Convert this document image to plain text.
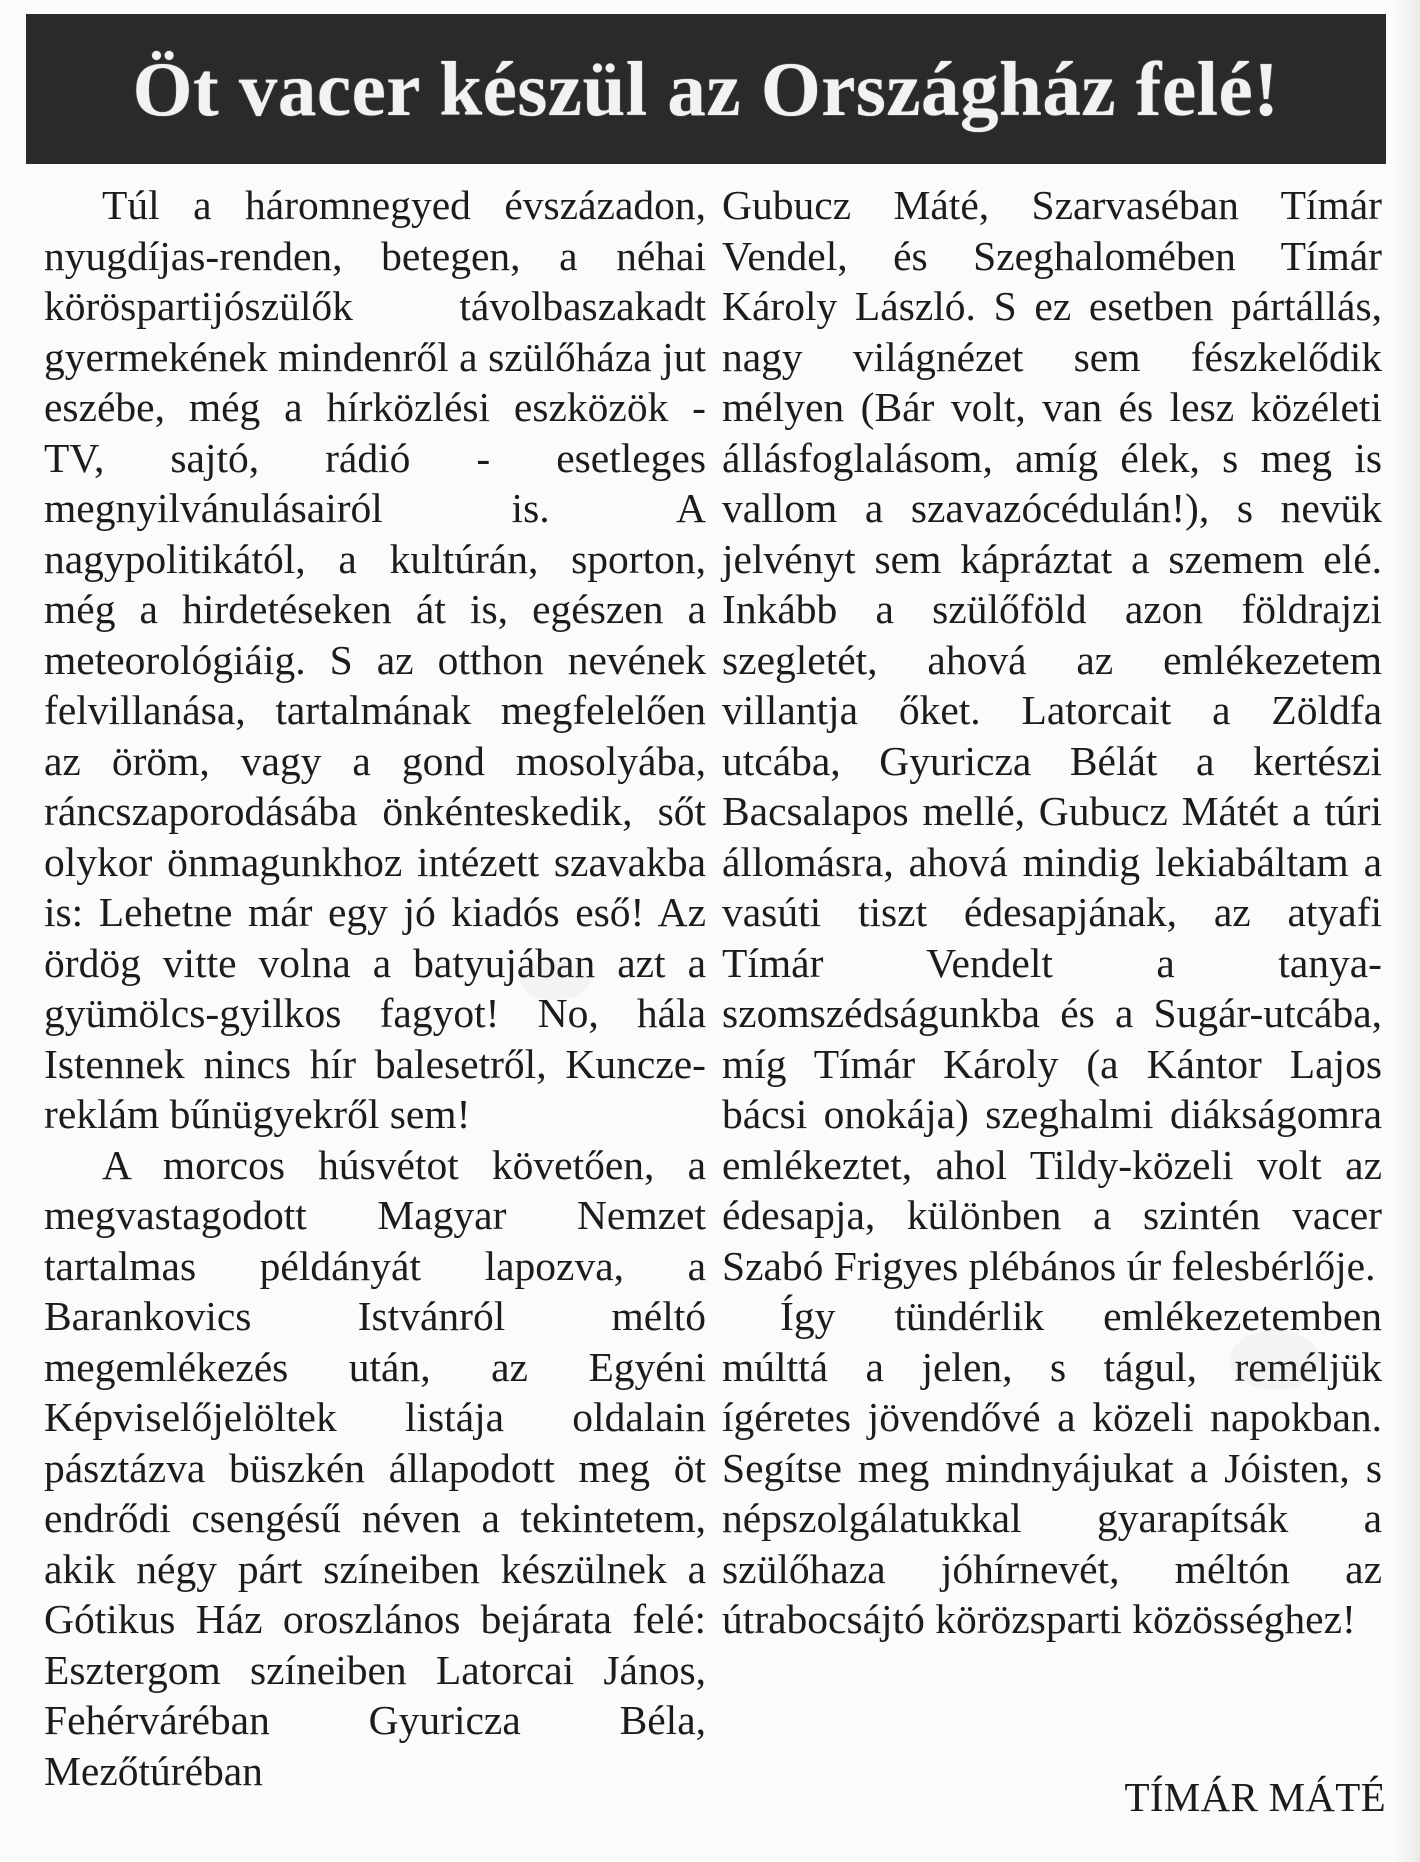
Öt vacer készül az Országház felé!

Túl a háromnegyed évszázadon, nyugdíjas-renden, betegen, a néhai köröspartijószülők távolbaszakadt gyermekének mindenről a szülőháza jut eszébe, még a hírközlési eszközök - TV, sajtó, rádió - esetleges megnyilvánulásairól is. A nagypolitikától, a kultúrán, sporton, még a hirdetéseken át is, egészen a meteorológiáig. S az otthon nevének felvillanása, tartalmának megfelelően az öröm, vagy a gond mosolyába, ráncszaporodásába önkénteskedik, sőt olykor önmagunkhoz intézett szavakba is: Lehetne már egy jó kiadós eső! Az ördög vitte volna a batyujában azt a gyümölcs-gyilkos fagyot! No, hála Istennek nincs hír balesetről, Kuncze-reklám bűnügyekről sem!

A morcos húsvétot követően, a megvastagodott Magyar Nemzet tartalmas példányát lapozva, a Barankovics Istvánról méltó megemlékezés után, az Egyéni Képviselőjelöltek listája oldalain pásztázva büszkén állapodott meg öt endrődi csengésű néven a tekintetem, akik négy párt színeiben készülnek a Gótikus Ház oroszlános bejárata felé: Esztergom színeiben Latorcai János, Fehérváréban Gyuricza Béla, Mezőtúréban

Gubucz Máté, Szarvaséban Tímár Vendel, és Szeghalomében Tímár Károly László. S ez esetben pártállás, nagy világnézet sem fészkelődik mélyen (Bár volt, van és lesz közéleti állásfoglalásom, amíg élek, s meg is vallom a szavazócédulán!), s nevük jelvényt sem kápráztat a szemem elé. Inkább a szülőföld azon földrajzi szegletét, ahová az emlékezetem villantja őket. Latorcait a Zöldfa utcába, Gyuricza Bélát a kertészi Bacsalapos mellé, Gubucz Mátét a túri állomásra, ahová mindig lekiabáltam a vasúti tiszt édesapjának, az atyafi Tímár Vendelt a tanya-szomszédságunkba és a Sugár-utcába, míg Tímár Károly (a Kántor Lajos bácsi onokája) szeghalmi diákságomra emlékeztet, ahol Tildy-közeli volt az édesapja, különben a szintén vacer Szabó Frigyes plébános úr felesbérlője.

Így tündérlik emlékezetemben múlttá a jelen, s tágul, reméljük ígéretes jövendővé a közeli napokban. Segítse meg mindnyájukat a Jóisten, s népszolgálatukkal gyarapítsák a szülőhaza jóhírnevét, méltón az útrabocsájtó körözsparti közösséghez!

TÍMÁR MÁTÉ
